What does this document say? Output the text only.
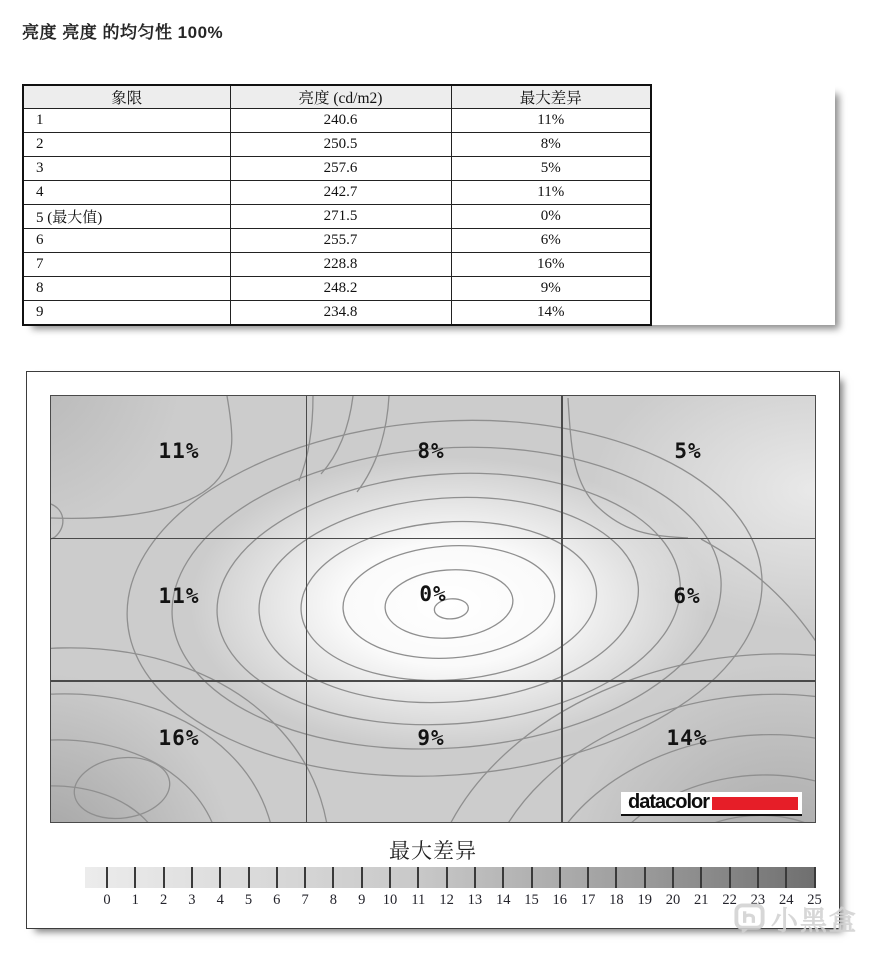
亮度 亮度 的均匀性 100%
象限	亮度 (cd/m2)	最大差异
1	240.6	11%
2	250.5	8%
3	257.6	5%
4	242.7	11%
5 (最大值)	271.5	0%
6	255.7	6%
7	228.8	16%
8	248.2	9%
9	234.8	14%
11%	8%	5%
11%	0%	6%
16%	9%	14%
datacolor
最大差异
0 1 2 3 4 5 6 7 8 9 10 11 12 13 14 15 16 17 18 19 20 21 22 23 24 25
小黑盒
